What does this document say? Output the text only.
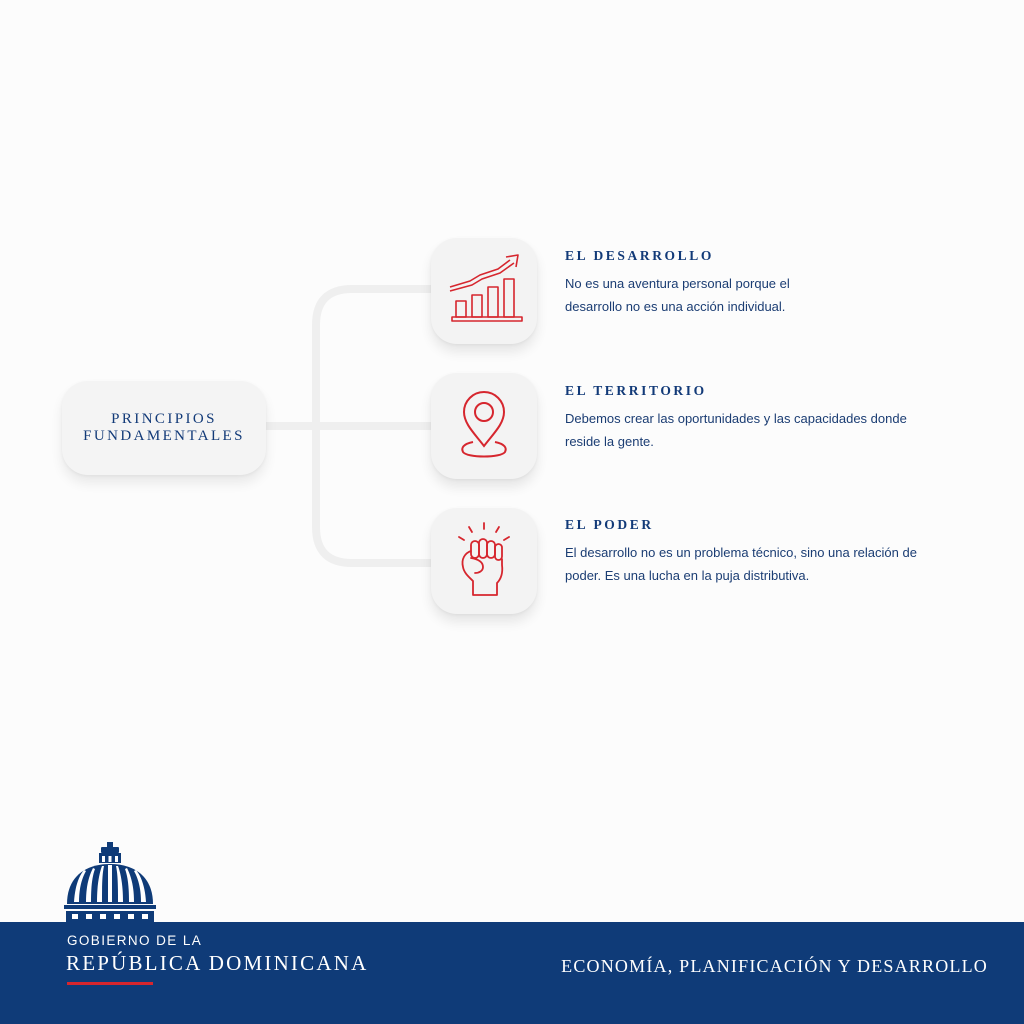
PRINCIPIOS
FUNDAMENTALES
EL DESARROLLO
No es una aventura personal porque el
desarrollo no es una acción individual.
EL TERRITORIO
Debemos crear las oportunidades y las capacidades donde
reside la gente.
EL PODER
El desarrollo no es un problema técnico, sino una relación de
poder. Es una lucha en la puja distributiva.
GOBIERNO DE LA
REPÚBLICA DOMINICANA	ECONOMÍA, PLANIFICACIÓN Y DESARROLLO
